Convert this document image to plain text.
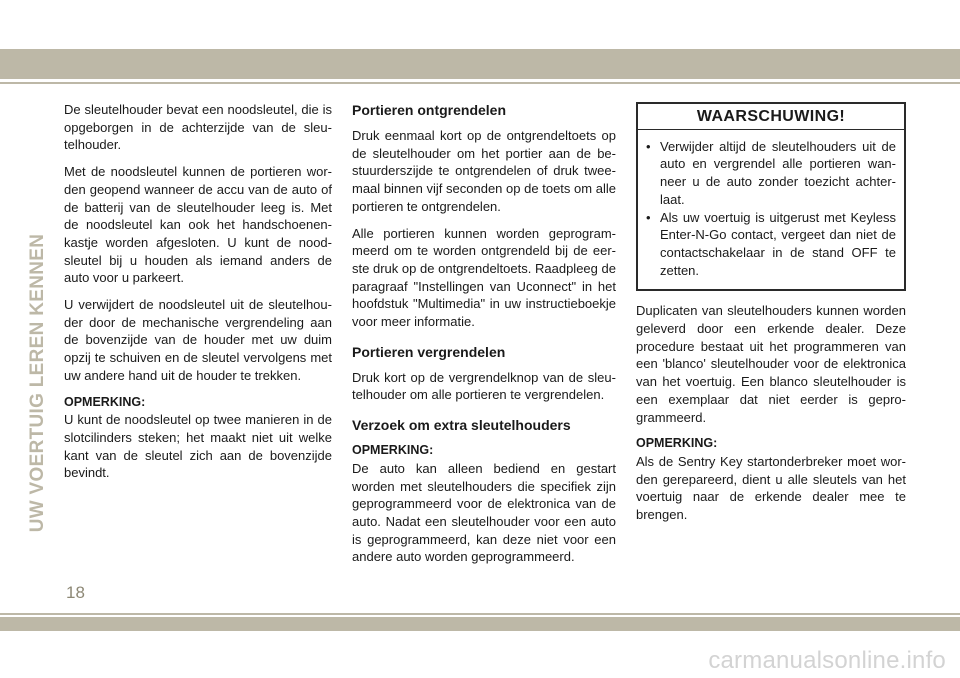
UW VOERTUIG LEREN KENNEN

De sleutelhouder bevat een noodsleutel, die is opgeborgen in de achterzijde van de sleutelhouder.

Met de noodsleutel kunnen de portieren worden geopend wanneer de accu van de auto of de batterij van de sleutelhouder leeg is. Met de noodsleutel kan ook het handschoenenkastje worden afgesloten. U kunt de noodsleutel bij u houden als iemand anders de auto voor u parkeert.

U verwijdert de noodsleutel uit de sleutelhouder door de mechanische vergrendeling aan de bovenzijde van de houder met uw duim opzij te schuiven en de sleutel vervolgens met uw andere hand uit de houder te trekken.

OPMERKING:
U kunt de noodsleutel op twee manieren in de slotcilinders steken; het maakt niet uit welke kant van de sleutel zich aan de bovenzijde bevindt.

Portieren ontgrendelen

Druk eenmaal kort op de ontgrendeltoets op de sleutelhouder om het portier aan de bestuurderszijde te ontgrendelen of druk tweemaal binnen vijf seconden op de toets om alle portieren te ontgrendelen.

Alle portieren kunnen worden geprogrammeerd om te worden ontgrendeld bij de eerste druk op de ontgrendeltoets. Raadpleeg de paragraaf "Instellingen van Uconnect" in het hoofdstuk "Multimedia" in uw instructieboekje voor meer informatie.

Portieren vergrendelen

Druk kort op de vergrendelknop van de sleutelhouder om alle portieren te vergrendelen.

Verzoek om extra sleutelhouders

OPMERKING:
De auto kan alleen bediend en gestart worden met sleutelhouders die specifiek zijn geprogrammeerd voor de elektronica van de auto. Nadat een sleutelhouder voor een auto is geprogrammeerd, kan deze niet voor een andere auto worden geprogrammeerd.

WAARSCHUWING!
• Verwijder altijd de sleutelhouders uit de auto en vergrendel alle portieren wanneer u de auto zonder toezicht achterlaat.
• Als uw voertuig is uitgerust met Keyless Enter-N-Go contact, vergeet dan niet de contactschakelaar in de stand OFF te zetten.

Duplicaten van sleutelhouders kunnen worden geleverd door een erkende dealer. Deze procedure bestaat uit het programmeren van een 'blanco' sleutelhouder voor de elektronica van het voertuig. Een blanco sleutelhouder is een exemplaar dat niet eerder is geprogrammeerd.

OPMERKING:
Als de Sentry Key startonderbreker moet worden gerepareerd, dient u alle sleutels van het voertuig naar de erkende dealer mee te brengen.

18
carmanualsonline.info
